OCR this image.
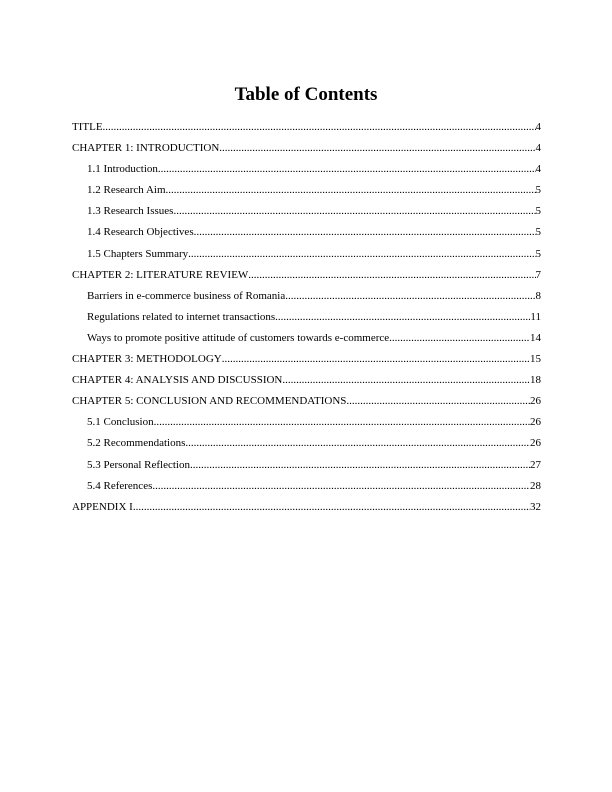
Table of Contents
TITLE .....	4
CHAPTER 1: INTRODUCTION .....	4
1.1 Introduction .....	4
1.2 Research Aim .....	5
1.3 Research Issues .....	5
1.4 Research Objectives .....	5
1.5 Chapters Summary .....	5
CHAPTER 2: LITERATURE REVIEW .....	7
Barriers in e-commerce business of Romania .....	8
Regulations related to internet transactions .....	11
Ways to promote positive attitude of customers towards e-commerce .....	14
CHAPTER 3: METHODOLOGY .....	15
CHAPTER 4: ANALYSIS AND DISCUSSION .....	18
CHAPTER 5: CONCLUSION AND RECOMMENDATIONS .....	26
5.1 Conclusion .....	26
5.2 Recommendations .....	26
5.3 Personal Reflection .....	27
5.4 References .....	28
APPENDIX I .....	32
